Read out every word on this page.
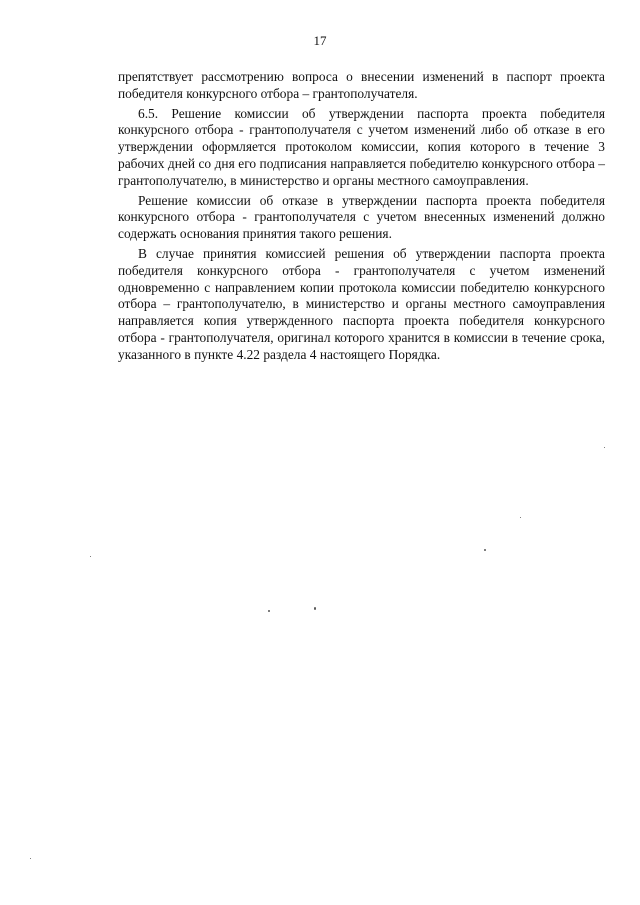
17

препятствует рассмотрению вопроса о внесении изменений в паспорт проекта победителя конкурсного отбора – грантополучателя.

6.5. Решение комиссии об утверждении паспорта проекта победителя конкурсного отбора - грантополучателя с учетом изменений либо об отказе в его утверждении оформляется протоколом комиссии, копия которого в течение 3 рабочих дней со дня его подписания направляется победителю конкурсного отбора – грантополучателю, в министерство и органы местного самоуправления.

Решение комиссии об отказе в утверждении паспорта проекта победителя конкурсного отбора - грантополучателя с учетом внесенных изменений должно содержать основания принятия такого решения.

В случае принятия комиссией решения об утверждении паспорта проекта победителя конкурсного отбора - грантополучателя с учетом изменений одновременно с направлением копии протокола комиссии победителю конкурсного отбора – грантополучателю, в министерство и органы местного самоуправления направляется копия утвержденного паспорта проекта победителя конкурсного отбора - грантополучателя, оригинал которого хранится в комиссии в течение срока, указанного в пункте 4.22 раздела 4 настоящего Порядка.
